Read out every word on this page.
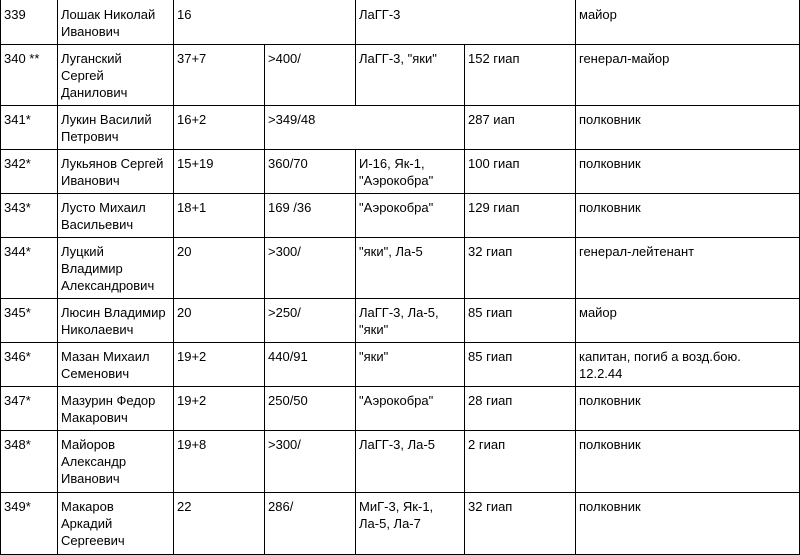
339	Лошак Николай
Иванович	16		ЛаГГ-3		майор
340 **	Луганский
Сергей
Данилович	37+7	>400/	ЛаГГ-3, "яки"	152 гиап	генерал-майор
341*	Лукин Василий
Петрович	16+2	>349/48		287 иап	полковник
342*	Лукьянов Сергей
Иванович	15+19	360/70	И-16, Як-1,
"Аэрокобра"	100 гиап	полковник
343*	Лусто Михаил
Васильевич	18+1	169 /36	"Аэрокобра"	129 гиап	полковник
344*	Луцкий
Владимир
Александрович	20	>300/	"яки", Ла-5	32 гиап	генерал-лейтенант
345*	Люсин Владимир
Николаевич	20	>250/	ЛаГГ-3, Ла-5,
"яки"	85 гиап	майор
346*	Мазан Михаил
Семенович	19+2	440/91	"яки"	85 гиап	капитан, погиб а возд.бою.
12.2.44
347*	Мазурин Федор
Макарович	19+2	250/50	"Аэрокобра"	28 гиап	полковник
348*	Майоров
Александр
Иванович	19+8	>300/	ЛаГГ-3, Ла-5	2 гиап	полковник
349*	Макаров
Аркадий
Сергеевич	22	286/	МиГ-3, Як-1,
Ла-5, Ла-7	32 гиап	полковник
